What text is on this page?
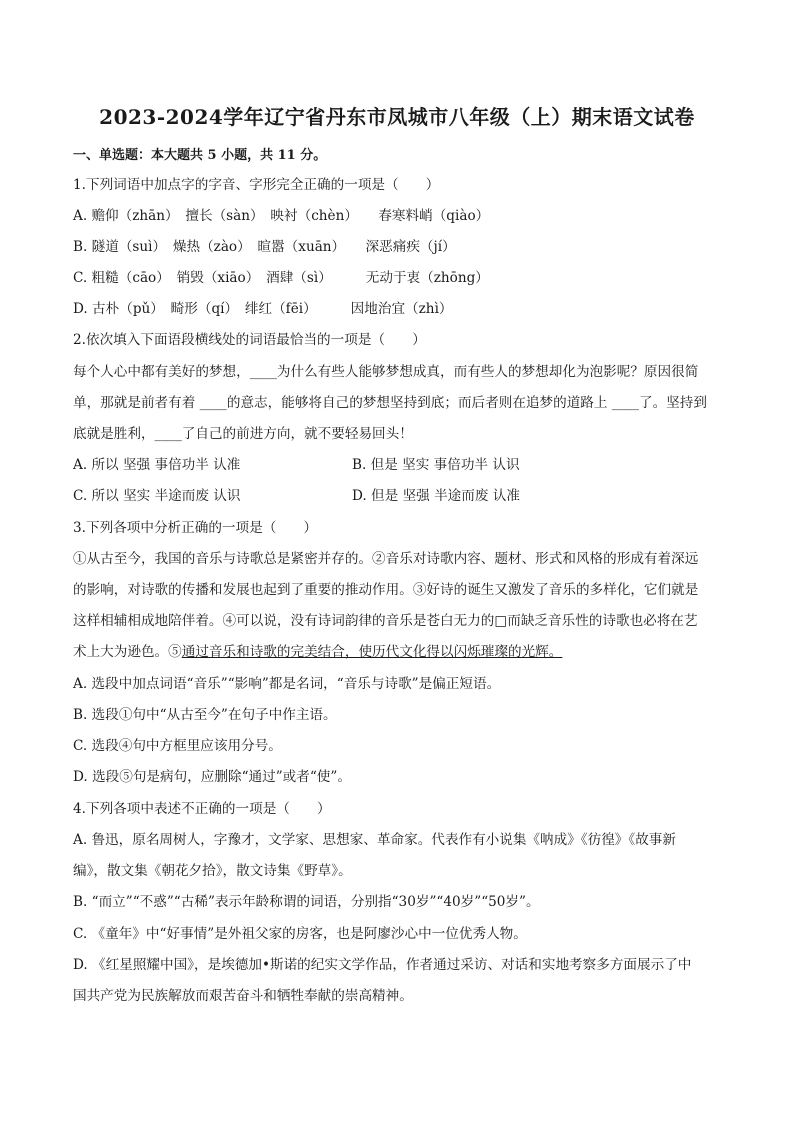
2023-2024学年辽宁省丹东市凤城市八年级（上）期末语文试卷
一、单选题：本大题共 5 小题，共 11 分。
1.下列词语中加点字的字音、字形完全正确的一项是（　　）
A. 赡仰（zhān）　擅长（sàn）　映衬（chèn）　　春寒料峭（qiào）
B. 隧道（suì）　燥热（zào）　暄嚣（xuān）　　深恶痛疾（jí）
C. 粗糙（cāo）　销毁（xiāo）　酒肆（sì）　　　无动于衷（zhōng）
D. 古朴（pǔ）　畸形（qí）　绯红（fēi）　　　因地治宜（zhì）
2.依次填入下面语段横线处的词语最恰当的一项是（　　）
每个人心中都有美好的梦想，____为什么有些人能够梦想成真，而有些人的梦想却化为泡影呢？原因很简
单，那就是前者有着 ____的意志，能够将自己的梦想坚持到底；而后者则在追梦的道路上 ____了。坚持到
底就是胜利，____了自己的前进方向，就不要轻易回头！
A. 所以 坚强 事倍功半 认准	B. 但是 坚实 事倍功半 认识
C. 所以 坚实 半途而废 认识	D. 但是 坚强 半途而废 认准
3.下列各项中分析正确的一项是（　　）
①从古至今，我国的音乐与诗歌总是紧密并存的。②音乐对诗歌内容、题材、形式和风格的形成有着深远
的影响，对诗歌的传播和发展也起到了重要的推动作用。③好诗的诞生又激发了音乐的多样化，它们就是
这样相辅相成地陪伴着。④可以说，没有诗词韵律的音乐是苍白无力的□而缺乏音乐性的诗歌也必将在艺
术上大为逊色。⑤通过音乐和诗歌的完美结合，使历代文化得以闪烁璀璨的光辉。
A. 选段中加点词语“音乐”“影响”都是名词，“音乐与诗歌”是偏正短语。
B. 选段①句中“从古至今”在句子中作主语。
C. 选段④句中方框里应该用分号。
D. 选段⑤句是病句，应删除“通过”或者“使”。
4.下列各项中表述不正确的一项是（　　）
A. 鲁迅，原名周树人，字豫才，文学家、思想家、革命家。代表作有小说集《呐成》《彷徨》《故事新
编》，散文集《朝花夕拾》，散文诗集《野草》。
B. “而立”“不惑”“古稀”表示年龄称谓的词语，分别指“30岁”“40岁”“50岁”。
C. 《童年》中“好事情”是外祖父家的房客，也是阿廖沙心中一位优秀人物。
D. 《红星照耀中国》，是埃德加•斯诺的纪实文学作品，作者通过采访、对话和实地考察多方面展示了中
国共产党为民族解放而艰苦奋斗和牺牲奉献的崇高精神。
